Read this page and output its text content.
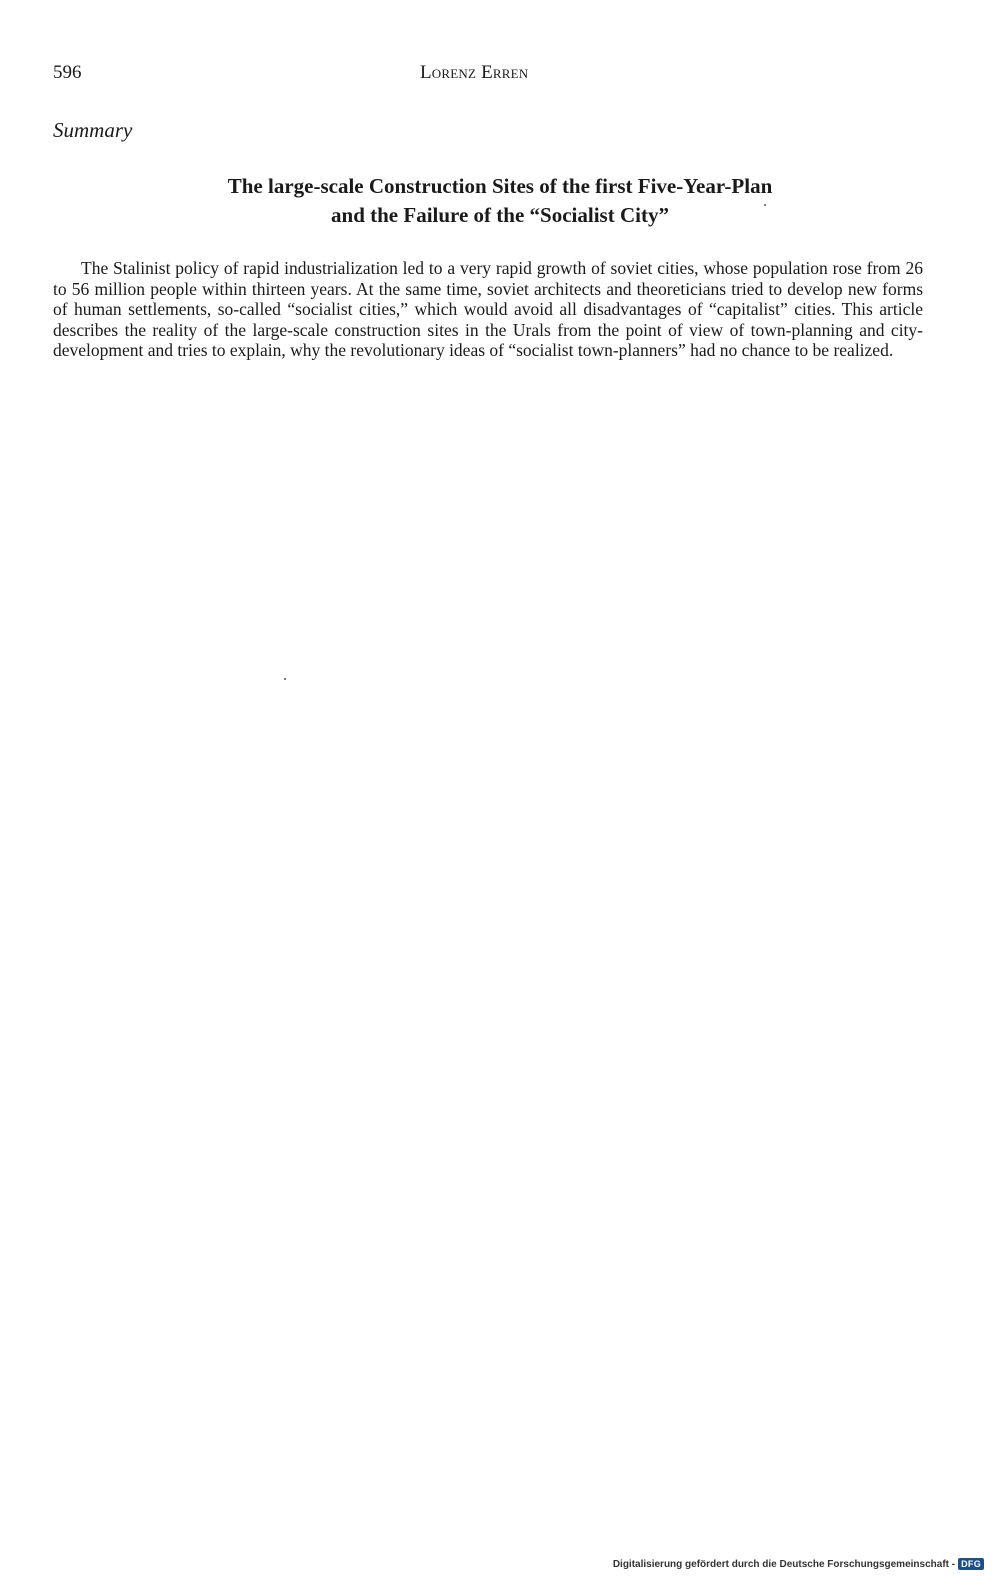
596	Lorenz Erren
Summary
The large-scale Construction Sites of the first Five-Year-Plan
and the Failure of the “Socialist City”

The Stalinist policy of rapid industrialization led to a very rapid growth of soviet cities, whose population rose from 26 to 56 million people within thirteen years. At the same time, soviet architects and theoreticians tried to develop new forms of human settlements, so-called “socialist cities,” which would avoid all disadvantages of “capitalist” cities. This article describes the reality of the large-scale construction sites in the Urals from the point of view of town-planning and city-development and tries to explain, why the revolutionary ideas of “socialist town-planners” had no chance to be realized.

Digitalisierung gefördert durch die Deutsche Forschungsgemeinschaft - DFG
